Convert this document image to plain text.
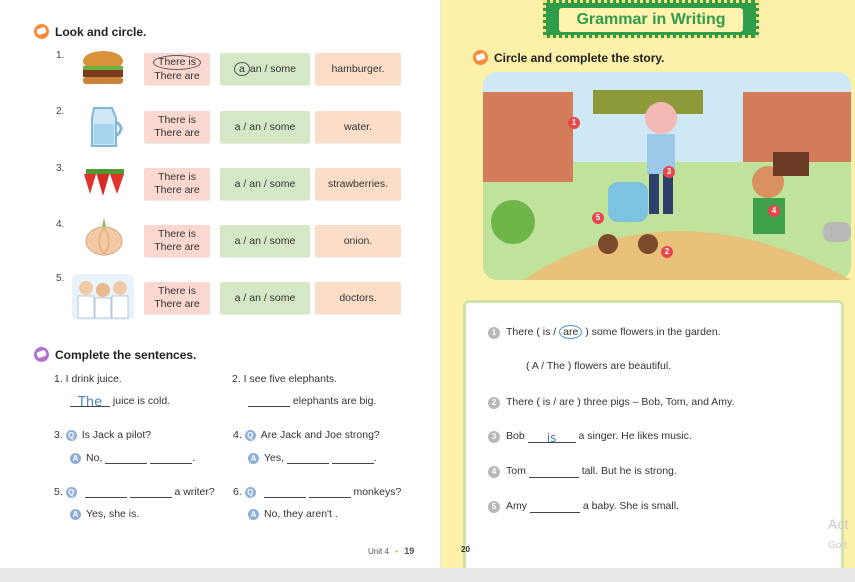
Look and circle.
1.
There is
There are
a an / some	hamburger.
2.
There is
There are	a / an / some	water.
3.
There is
There are	a / an / some	strawberries.
4.
There is
There are	a / an / some	onion.
5.
There is
There are	a / an / some	doctors.
Complete the sentences.
1. I drink juice.	2. I see five elephants.
The juice is cold.	elephants are big.
3. Q Is Jack a pilot?	4. Q Are Jack and Joe strong?
A No,	.	A Yes,	.
5. Q	a writer? 6. Q	monkeys?
A Yes, she is.	A No, they aren't .
Unit 4 • 19
Grammar in Writing
Circle and complete the story.
1
2
3
4
5
1 There ( is / are ) some flowers in the garden.
( A / The ) flowers are beautiful.
2 There ( is / are ) three pigs – Bob, Tom, and Amy.
3 Bob is a singer. He likes music.
4 Tom	tall. But he is strong.
5 Amy	a baby. She is small.
20
Act
Go t
